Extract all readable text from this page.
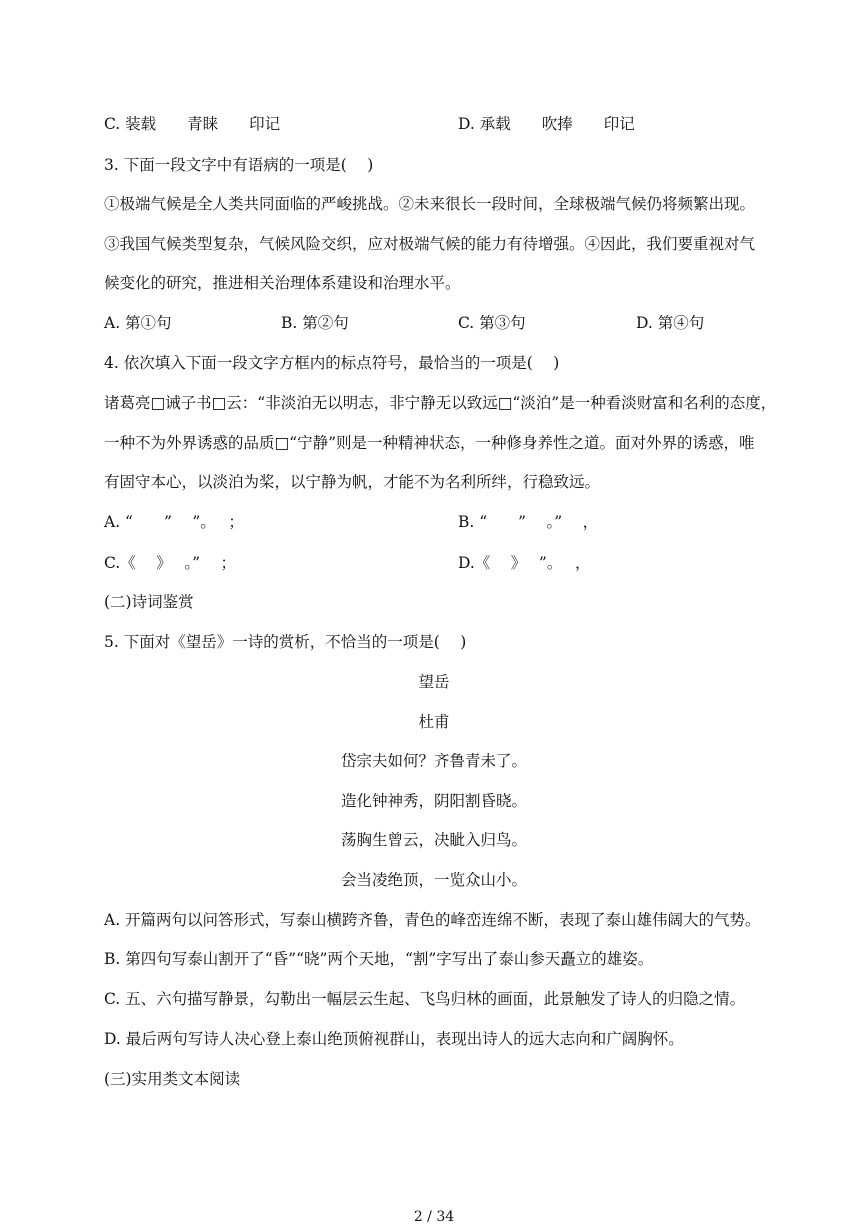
C. 装载　　青睐　　印记	D. 承载　　吹捧　　印记
3. 下面一段文字中有语病的一项是(　 )
①极端气候是全人类共同面临的严峻挑战。②未来很长一段时间，全球极端气候仍将频繁出现。
③我国气候类型复杂，气候风险交织，应对极端气候的能力有待增强。④因此，我们要重视对气
候变化的研究，推进相关治理体系建设和治理水平。
A. 第①句	B. 第②句	C. 第③句	D. 第④句
4. 依次填入下面一段文字方框内的标点符号，最恰当的一项是(　 )
诸葛亮□诫子书□云：“非淡泊无以明志，非宁静无以致远□“淡泊”是一种看淡财富和名利的态度，
一种不为外界诱惑的品质□“宁静”则是一种精神状态，一种修身养性之道。面对外界的诱惑，唯
有固守本心，以淡泊为桨，以宁静为帆，才能不为名利所绊，行稳致远。
A. “　　”　 ”。　 ；	B. “　　”　 。”　 ，
C.《　 》　 。”　 ；	D.《　 》　 ”。　 ，
(二)诗词鉴赏
5. 下面对《望岳》一诗的赏析，不恰当的一项是(　 )
望岳
杜甫
岱宗夫如何？齐鲁青未了。
造化钟神秀，阴阳割昏晓。
荡胸生曾云，决眦入归鸟。
会当凌绝顶，一览众山小。
A. 开篇两句以问答形式，写泰山横跨齐鲁，青色的峰峦连绵不断，表现了泰山雄伟阔大的气势。
B. 第四句写泰山割开了“昏”“晓”两个天地，“割”字写出了泰山参天矗立的雄姿。
C. 五、六句描写静景，勾勒出一幅层云生起、飞鸟归林的画面，此景触发了诗人的归隐之情。
D. 最后两句写诗人决心登上泰山绝顶俯视群山，表现出诗人的远大志向和广阔胸怀。
(三)实用类文本阅读
2 / 34
